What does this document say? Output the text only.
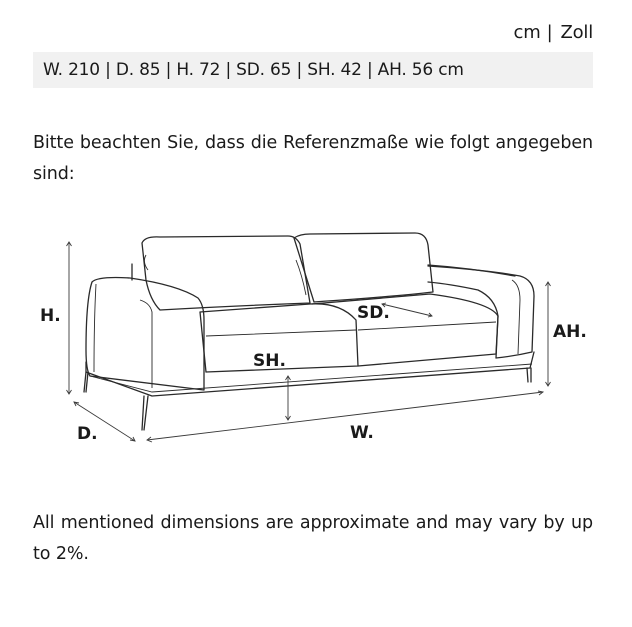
cm | Zoll
W. 210 | D. 85 | H. 72 | SD. 65 | SH. 42 | AH. 56 cm

Bitte beachten Sie, dass die Referenzmaße wie folgt angegeben sind:

H.
D.	W.
SH.
SD.
AH.

All mentioned dimensions are approximate and may vary by up to 2%.
